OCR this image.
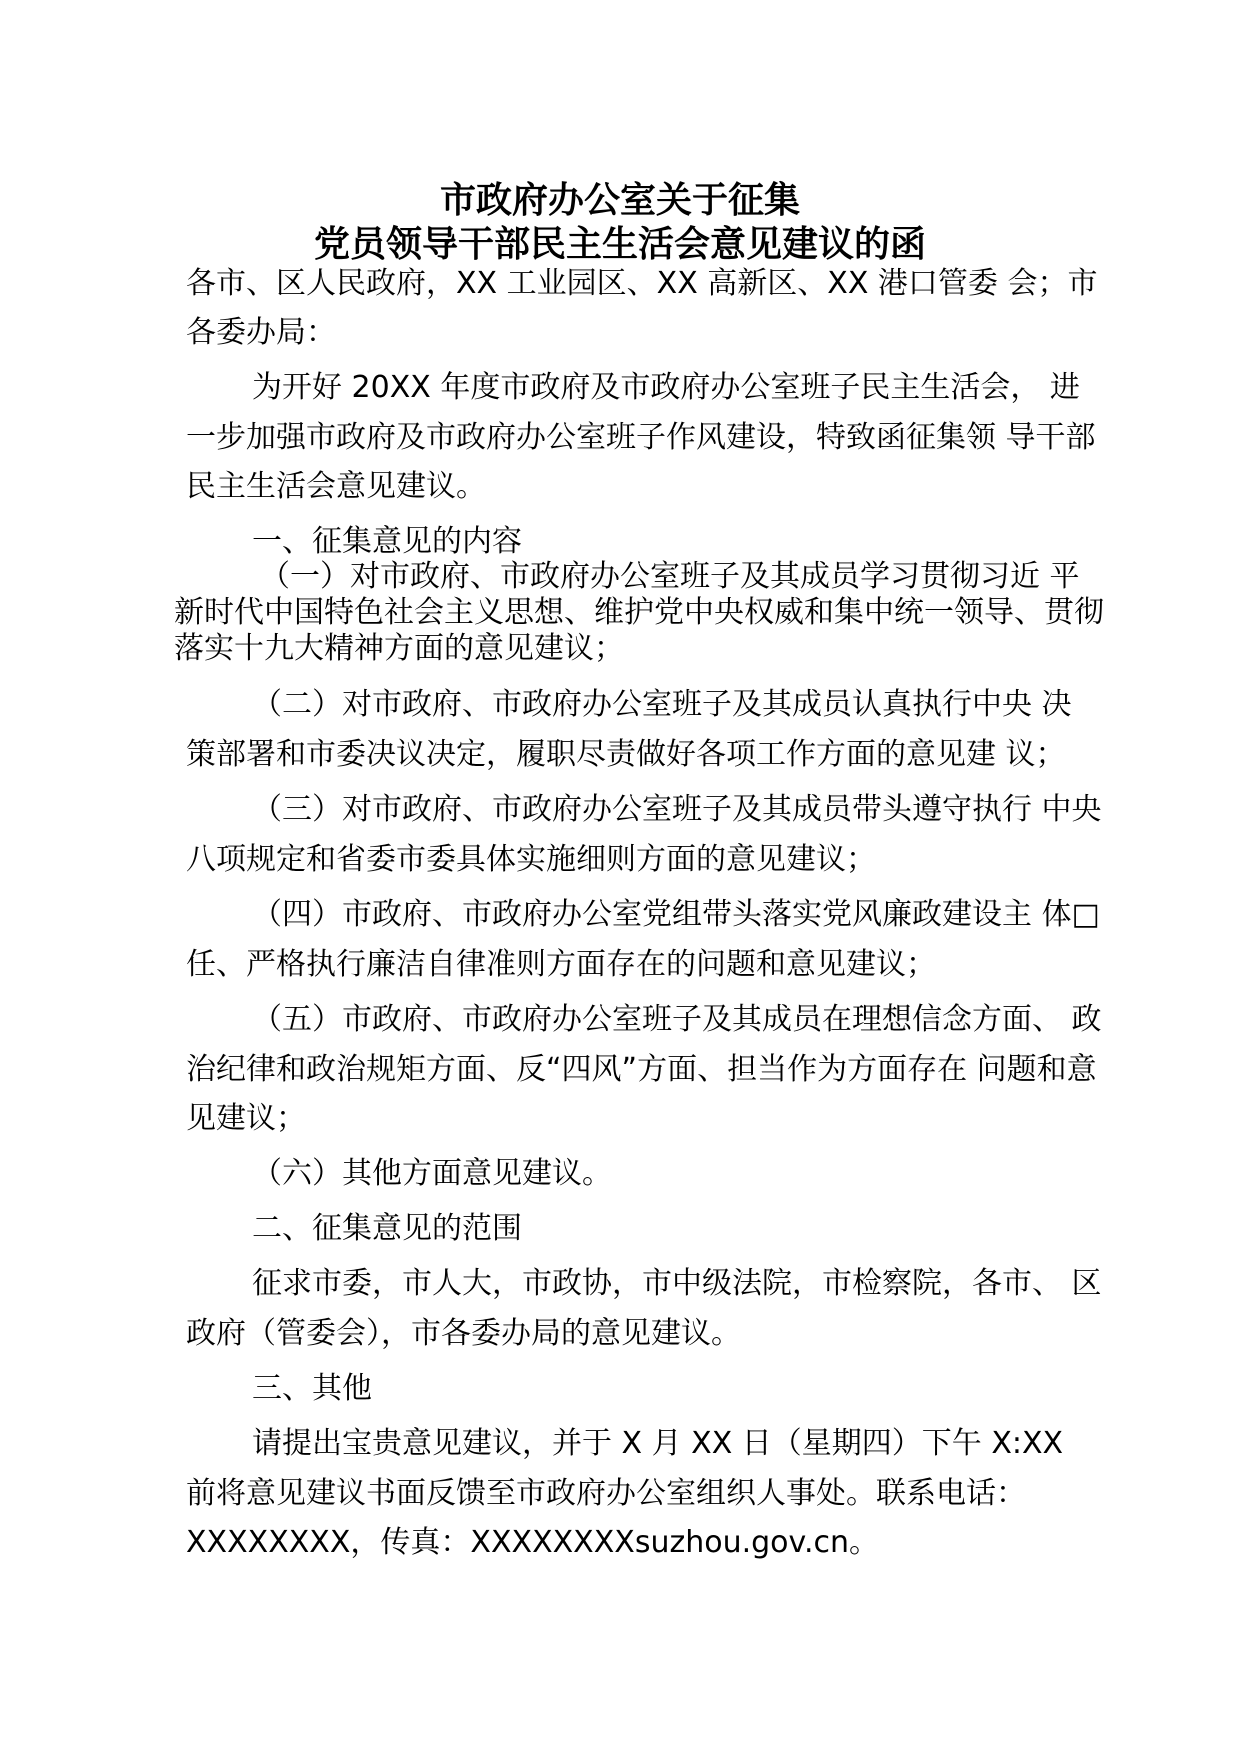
市政府办公室关于征集
党员领导干部民主生活会意见建议的函
各市、区人民政府，XX 工业园区、XX 高新区、XX 港口管委 会；市
各委办局：
为开好 20XX 年度市政府及市政府办公室班子民主生活会， 进
一步加强市政府及市政府办公室班子作风建设，特致函征集领 导干部
民主生活会意见建议。
一、征集意见的内容
（一）对市政府、市政府办公室班子及其成员学习贯彻习近 平
新时代中国特色社会主义思想、维护党中央权威和集中统一领导、贯彻
落实十九大精神方面的意见建议；
（二）对市政府、市政府办公室班子及其成员认真执行中央 决
策部署和市委决议决定，履职尽责做好各项工作方面的意见建 议；
（三）对市政府、市政府办公室班子及其成员带头遵守执行 中央
八项规定和省委市委具体实施细则方面的意见建议；
（四）市政府、市政府办公室党组带头落实党风廉政建设主 体□
任、严格执行廉洁自律准则方面存在的问题和意见建议；
（五）市政府、市政府办公室班子及其成员在理想信念方面、 政
治纪律和政治规矩方面、反“四风”方面、担当作为方面存在 问题和意
见建议；
（六）其他方面意见建议。
二、征集意见的范围
征求市委，市人大，市政协，市中级法院，市检察院，各市、 区
政府（管委会），市各委办局的意见建议。
三、其他
请提出宝贵意见建议，并于 X 月 XX 日（星期四）下午 X:XX
前将意见建议书面反馈至市政府办公室组织人事处。联系电话：
XXXXXXXX，传真：XXXXXXXXsuzhou.gov.cn。
